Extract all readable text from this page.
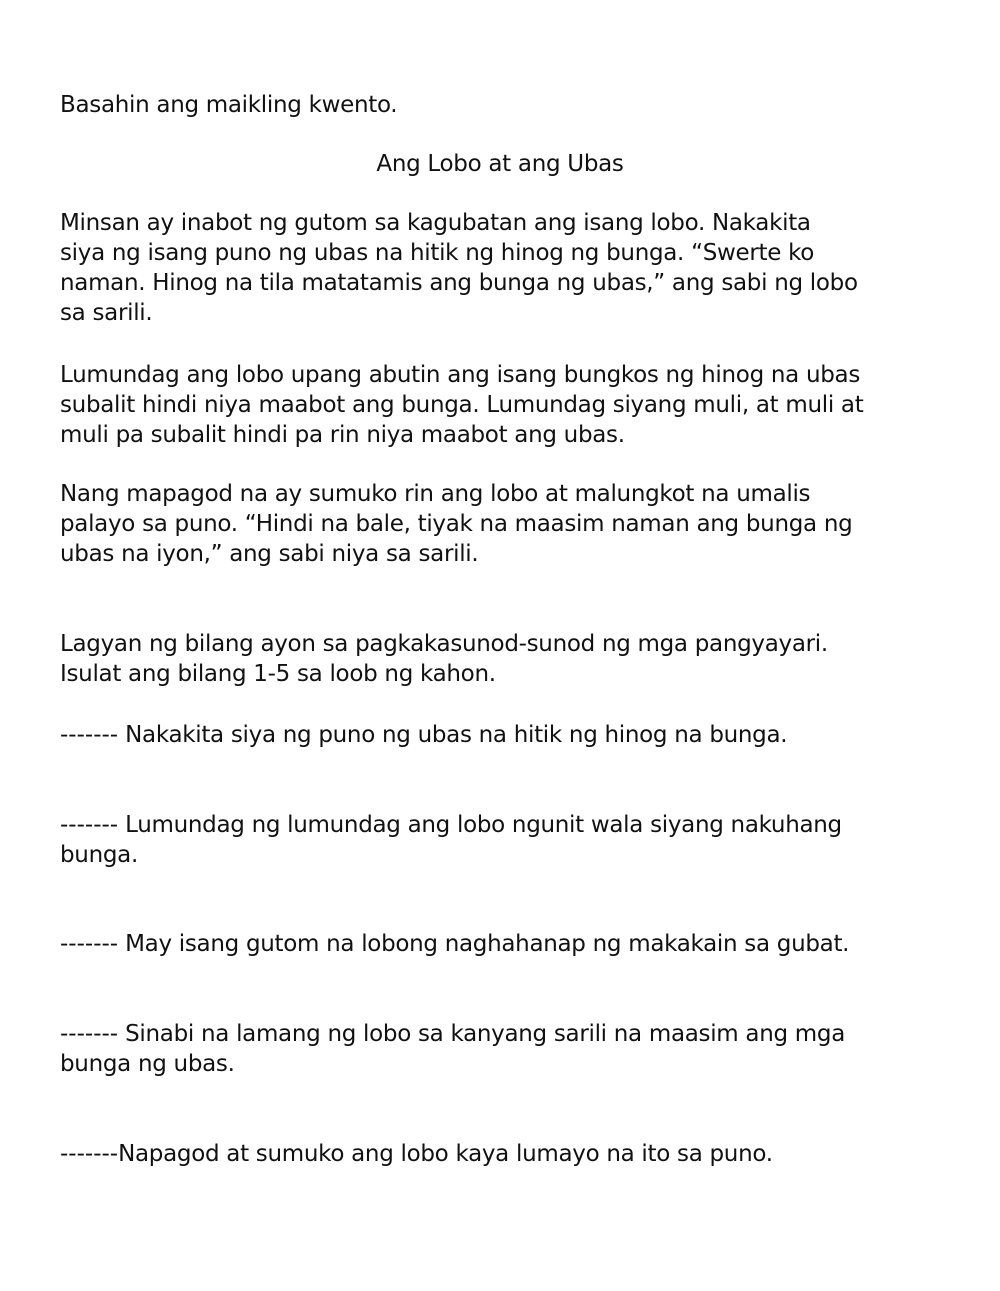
Basahin ang maikling kwento.
Ang Lobo at ang Ubas
Minsan ay inabot ng gutom sa kagubatan ang isang lobo. Nakakita
siya ng isang puno ng ubas na hitik ng hinog ng bunga. “Swerte ko
naman. Hinog na tila matatamis ang bunga ng ubas,” ang sabi ng lobo
sa sarili.
Lumundag ang lobo upang abutin ang isang bungkos ng hinog na ubas
subalit hindi niya maabot ang bunga. Lumundag siyang muli, at muli at
muli pa subalit hindi pa rin niya maabot ang ubas.
Nang mapagod na ay sumuko rin ang lobo at malungkot na umalis
palayo sa puno. “Hindi na bale, tiyak na maasim naman ang bunga ng
ubas na iyon,” ang sabi niya sa sarili.
Lagyan ng bilang ayon sa pagkakasunod-sunod ng mga pangyayari.
Isulat ang bilang 1-5 sa loob ng kahon.
------- Nakakita siya ng puno ng ubas na hitik ng hinog na bunga.
------- Lumundag ng lumundag ang lobo ngunit wala siyang nakuhang
bunga.
------- May isang gutom na lobong naghahanap ng makakain sa gubat.
------- Sinabi na lamang ng lobo sa kanyang sarili na maasim ang mga
bunga ng ubas.
-------Napagod at sumuko ang lobo kaya lumayo na ito sa puno.
